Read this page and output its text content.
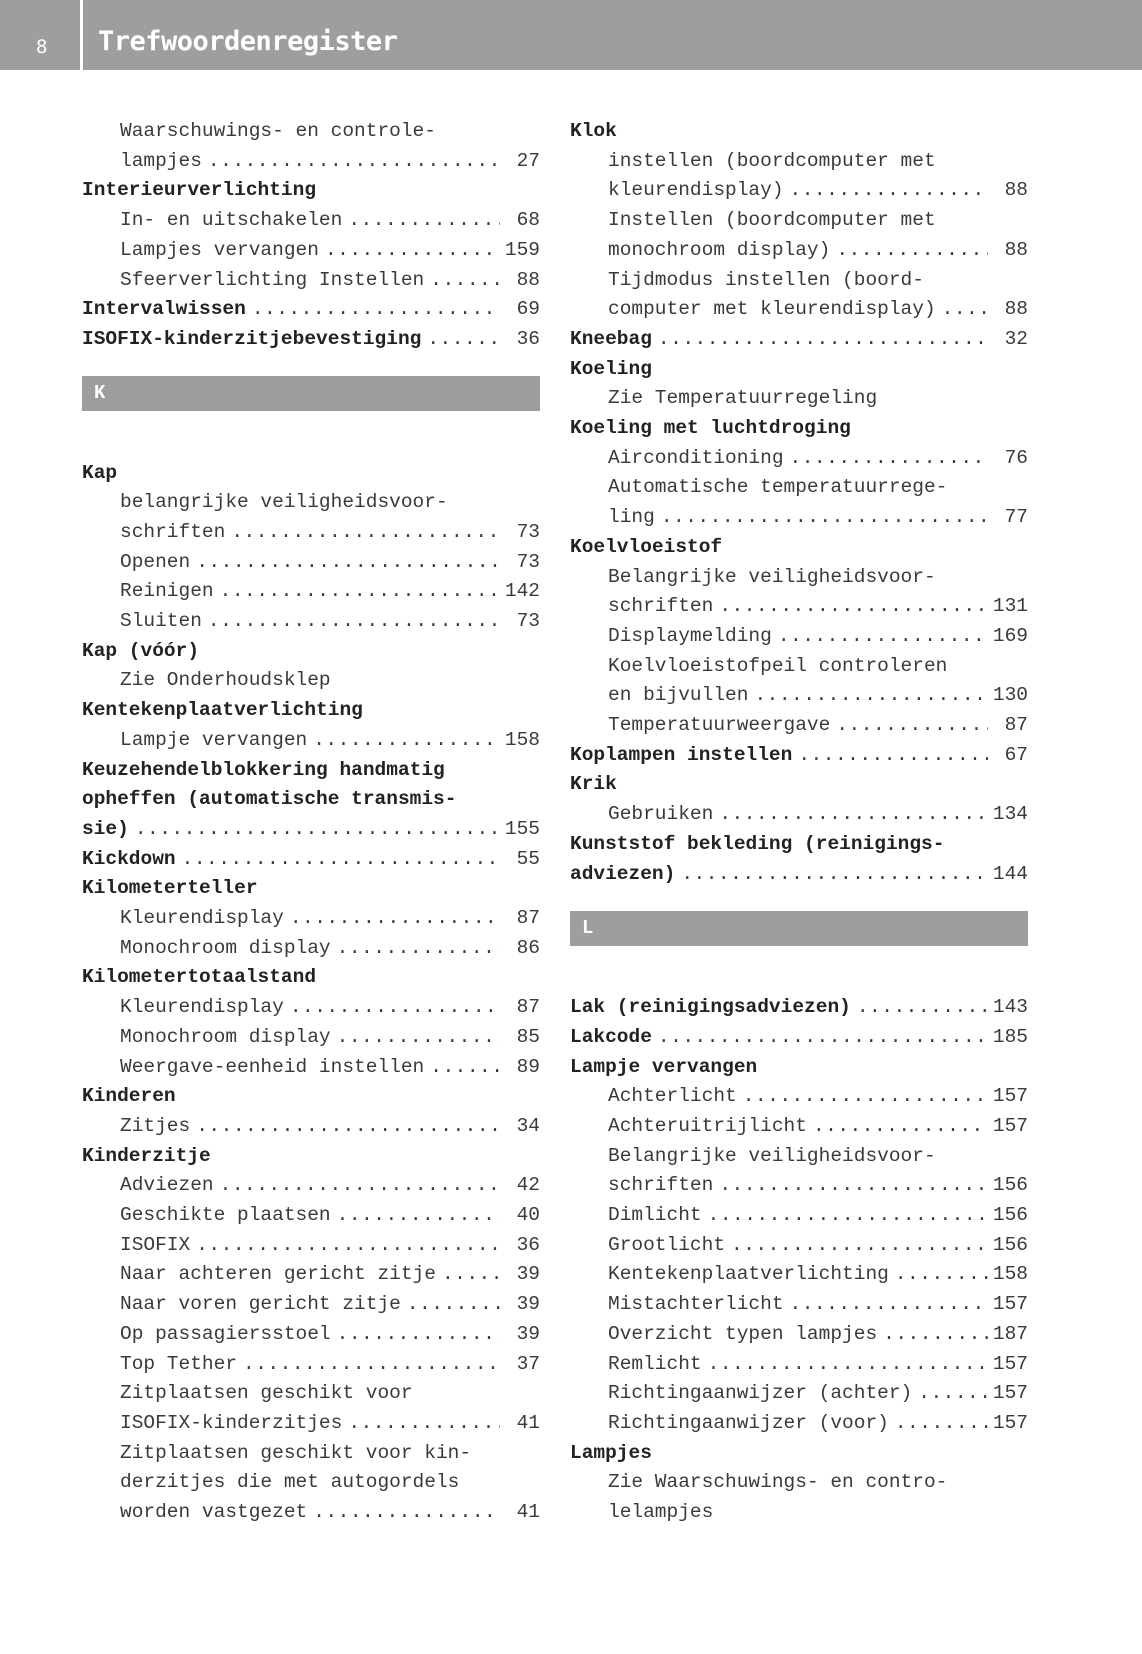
8 Trefwoordenregister
Waarschuwings- en controle-
lampjes .....	27
Interieurverlichting
In- en uitschakelen .....	68
Lampjes vervangen .....	159
Sfeerverlichting Instellen .....	88
Intervalwissen .....	69
ISOFIX-kinderzitjebevestiging .....	36
K
Kap
belangrijke veiligheidsvoor-
schriften .....	73
Openen .....	73
Reinigen .....	142
Sluiten .....	73
Kap (vóór)
Zie Onderhoudsklep
Kentekenplaatverlichting
Lampje vervangen .....	158
Keuzehendelblokkering handmatig
opheffen (automatische transmis-
sie) .....	155
Kickdown .....	55
Kilometerteller
Kleurendisplay .....	87
Monochroom display .....	86
Kilometertotaalstand
Kleurendisplay .....	87
Monochroom display .....	85
Weergave-eenheid instellen .....	89
Kinderen
Zitjes .....	34
Kinderzitje
Adviezen .....	42
Geschikte plaatsen .....	40
ISOFIX .....	36
Naar achteren gericht zitje .....	39
Naar voren gericht zitje .....	39
Op passagiersstoel .....	39
Top Tether .....	37
Zitplaatsen geschikt voor
ISOFIX-kinderzitjes .....	41
Zitplaatsen geschikt voor kin-
derzitjes die met autogordels
worden vastgezet .....	41
Klok
instellen (boordcomputer met
kleurendisplay) .....	88
Instellen (boordcomputer met
monochroom display) .....	88
Tijdmodus instellen (boord-
computer met kleurendisplay) .....	88
Kneebag .....	32
Koeling
Zie Temperatuurregeling
Koeling met luchtdroging
Airconditioning .....	76
Automatische temperatuurrege-
ling .....	77
Koelvloeistof
Belangrijke veiligheidsvoor-
schriften .....	131
Displaymelding .....	169
Koelvloeistofpeil controleren
en bijvullen .....	130
Temperatuurweergave .....	87
Koplampen instellen .....	67
Krik
Gebruiken .....	134
Kunststof bekleding (reinigings-
adviezen) .....	144
L
Lak (reinigingsadviezen) .....	143
Lakcode .....	185
Lampje vervangen
Achterlicht .....	157
Achteruitrijlicht .....	157
Belangrijke veiligheidsvoor-
schriften .....	156
Dimlicht .....	156
Grootlicht .....	156
Kentekenplaatverlichting .....	158
Mistachterlicht .....	157
Overzicht typen lampjes .....	187
Remlicht .....	157
Richtingaanwijzer (achter) .....	157
Richtingaanwijzer (voor) .....	157
Lampjes
Zie Waarschuwings- en contro-
lelampjes
